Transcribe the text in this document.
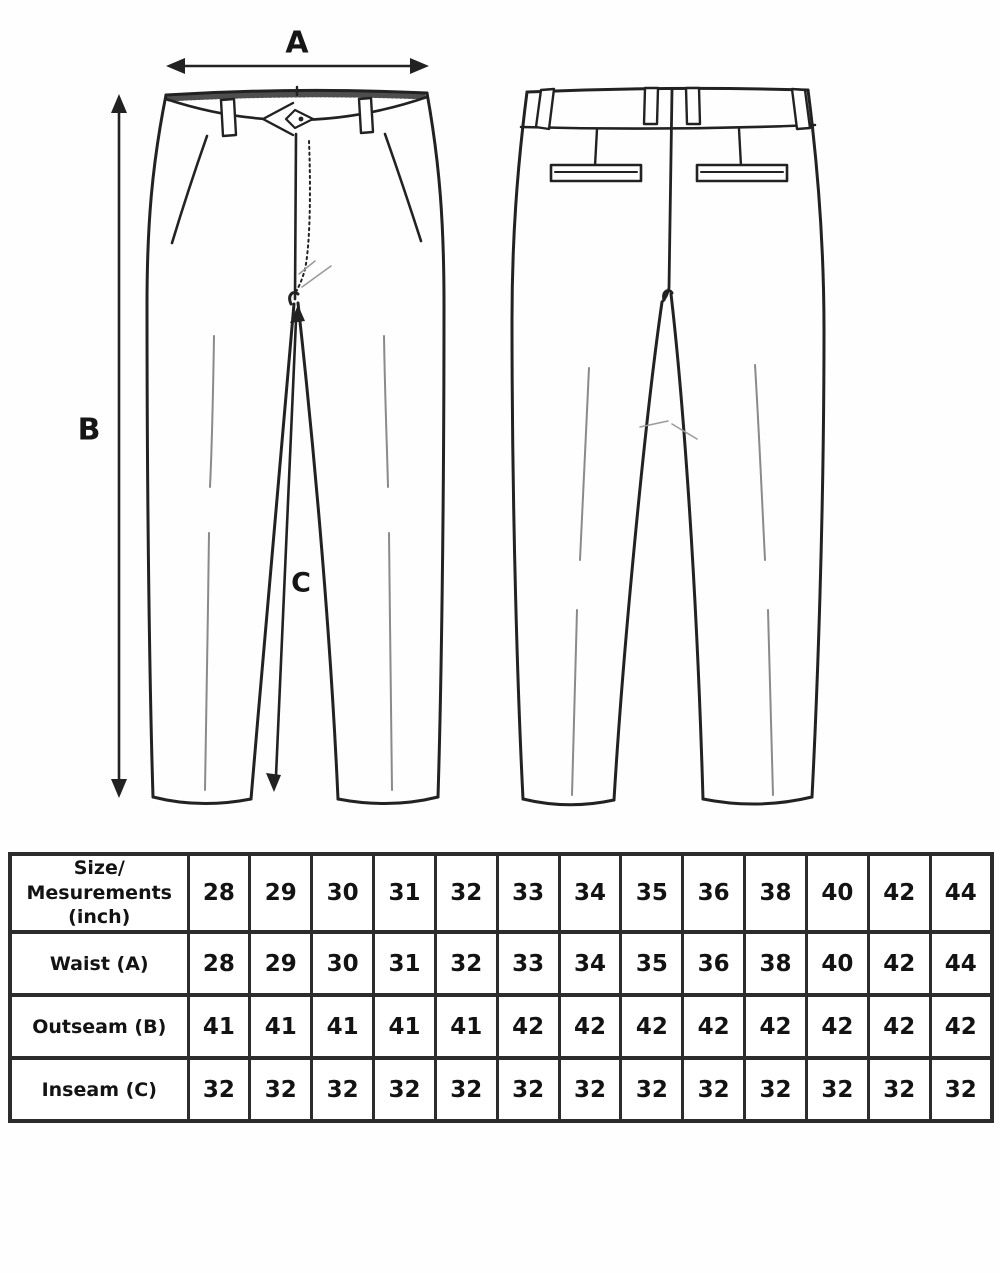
A
B
C
Size/
Mesurements (inch)	28	29	30	31	32	33	34	35	36	38	40	42	44
Waist (A)	28	29	30	31	32	33	34	35	36	38	40	42	44
Outseam (B)	41	41	41	41	41	42	42	42	42	42	42	42	42
Inseam (C)	32	32	32	32	32	32	32	32	32	32	32	32	32
